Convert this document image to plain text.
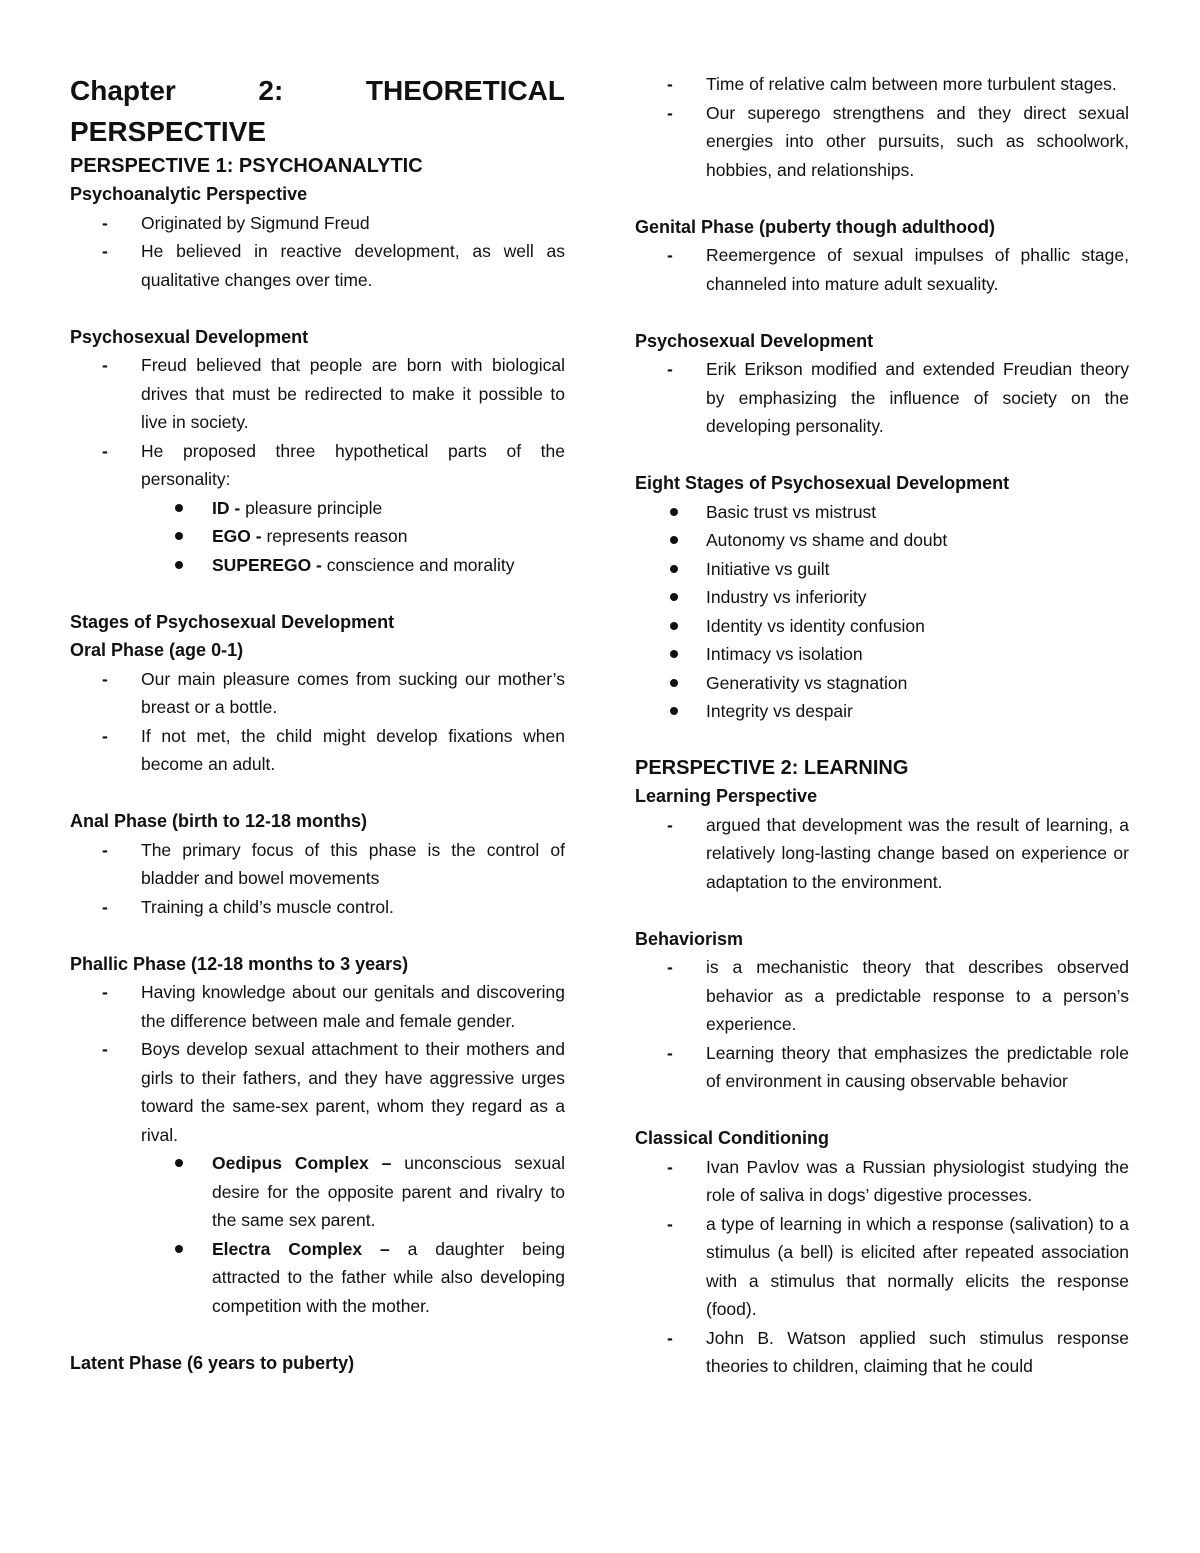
Chapter	2:	THEORETICAL
PERSPECTIVE
PERSPECTIVE 1: PSYCHOANALYTIC
Psychoanalytic Perspective
- Originated by Sigmund Freud
- He believed in reactive development, as well as qualitative changes over time.
Psychosexual Development
- Freud believed that people are born with biological drives that must be redirected to make it possible to live in society.
- He proposed three hypothetical parts of the personality:
ID - pleasure principle
EGO - represents reason
SUPEREGO - conscience and morality
Stages of Psychosexual Development
Oral Phase (age 0-1)
- Our main pleasure comes from sucking our mother’s breast or a bottle.
- If not met, the child might develop fixations when become an adult.
Anal Phase (birth to 12-18 months)
- The primary focus of this phase is the control of bladder and bowel movements
- Training a child’s muscle control.
Phallic Phase (12-18 months to 3 years)
- Having knowledge about our genitals and discovering the difference between male and female gender.
- Boys develop sexual attachment to their mothers and girls to their fathers, and they have aggressive urges toward the same-sex parent, whom they regard as a rival.
Oedipus Complex – unconscious sexual desire for the opposite parent and rivalry to the same sex parent.
Electra Complex – a daughter being attracted to the father while also developing competition with the mother.
Latent Phase (6 years to puberty)
- Time of relative calm between more turbulent stages.
- Our superego strengthens and they direct sexual energies into other pursuits, such as schoolwork, hobbies, and relationships.
Genital Phase (puberty though adulthood)
- Reemergence of sexual impulses of phallic stage, channeled into mature adult sexuality.
Psychosexual Development
- Erik Erikson modified and extended Freudian theory by emphasizing the influence of society on the developing personality.
Eight Stages of Psychosexual Development
Basic trust vs mistrust
Autonomy vs shame and doubt
Initiative vs guilt
Industry vs inferiority
Identity vs identity confusion
Intimacy vs isolation
Generativity vs stagnation
Integrity vs despair
PERSPECTIVE 2: LEARNING
Learning Perspective
- argued that development was the result of learning, a relatively long-lasting change based on experience or adaptation to the environment.
Behaviorism
- is a mechanistic theory that describes observed behavior as a predictable response to a person’s experience.
- Learning theory that emphasizes the predictable role of environment in causing observable behavior
Classical Conditioning
- Ivan Pavlov was a Russian physiologist studying the role of saliva in dogs’ digestive processes.
- a type of learning in which a response (salivation) to a stimulus (a bell) is elicited after repeated association with a stimulus that normally elicits the response (food).
- John B. Watson applied such stimulus response theories to children, claiming that he could
